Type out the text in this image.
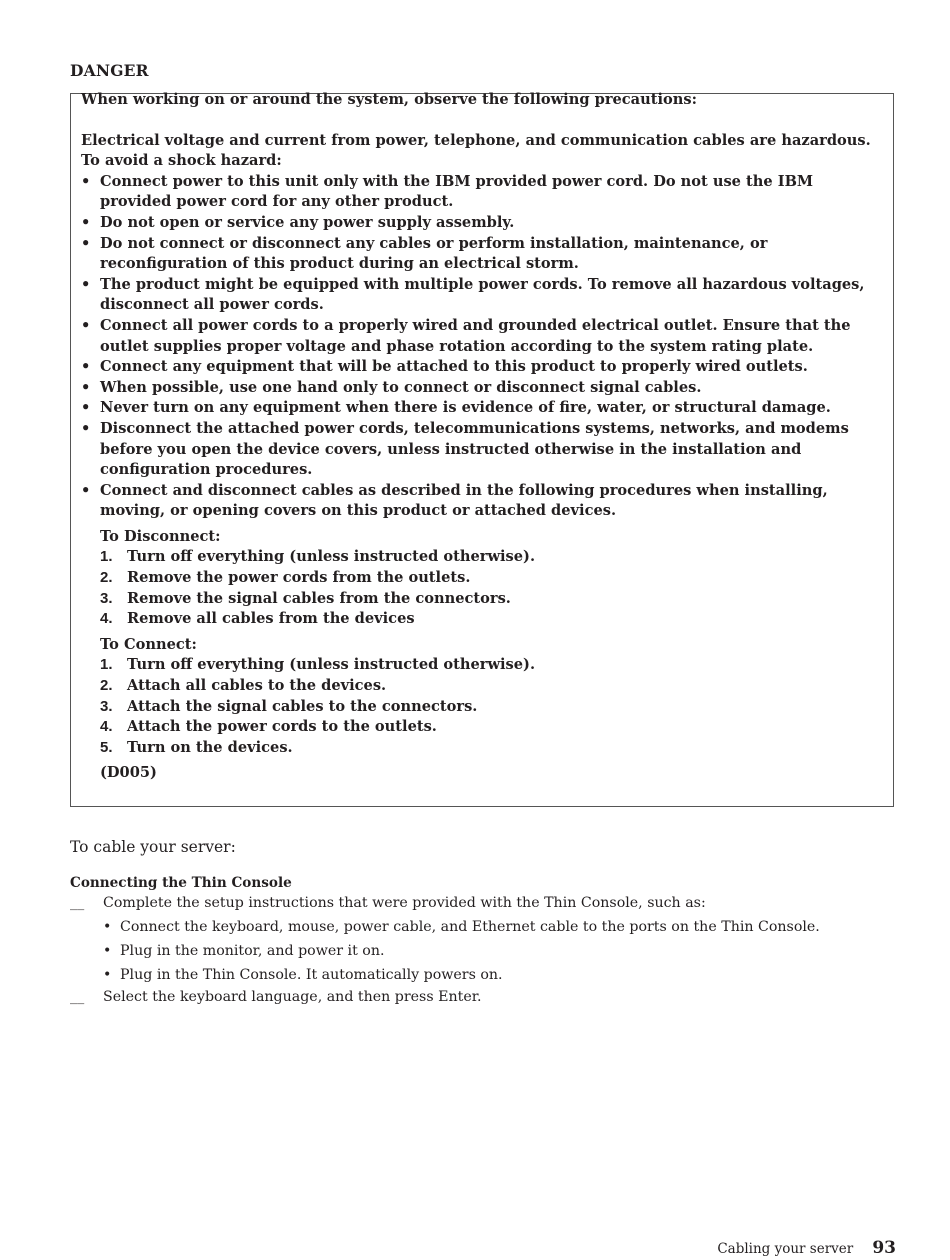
DANGER

When working on or around the system, observe the following precautions:

Electrical voltage and current from power, telephone, and communication cables are hazardous. To avoid a shock hazard:

• Connect power to this unit only with the IBM provided power cord. Do not use the IBM provided power cord for any other product.
• Do not open or service any power supply assembly.
• Do not connect or disconnect any cables or perform installation, maintenance, or reconfiguration of this product during an electrical storm.
• The product might be equipped with multiple power cords. To remove all hazardous voltages, disconnect all power cords.
• Connect all power cords to a properly wired and grounded electrical outlet. Ensure that the outlet supplies proper voltage and phase rotation according to the system rating plate.
• Connect any equipment that will be attached to this product to properly wired outlets.
• When possible, use one hand only to connect or disconnect signal cables.
• Never turn on any equipment when there is evidence of fire, water, or structural damage.
• Disconnect the attached power cords, telecommunications systems, networks, and modems before you open the device covers, unless instructed otherwise in the installation and configuration procedures.
• Connect and disconnect cables as described in the following procedures when installing, moving, or opening covers on this product or attached devices.

To Disconnect:

1. Turn off everything (unless instructed otherwise).
2. Remove the power cords from the outlets.
3. Remove the signal cables from the connectors.
4. Remove all cables from the devices

To Connect:

1. Turn off everything (unless instructed otherwise).
2. Attach all cables to the devices.
3. Attach the signal cables to the connectors.
4. Attach the power cords to the outlets.
5. Turn on the devices.

(D005)

To cable your server:
Connecting the Thin Console
__ Complete the setup instructions that were provided with the Thin Console, such as:
• Connect the keyboard, mouse, power cable, and Ethernet cable to the ports on the Thin Console.
• Plug in the monitor, and power it on.
• Plug in the Thin Console. It automatically powers on.
__ Select the keyboard language, and then press Enter.
Cabling your server 93
